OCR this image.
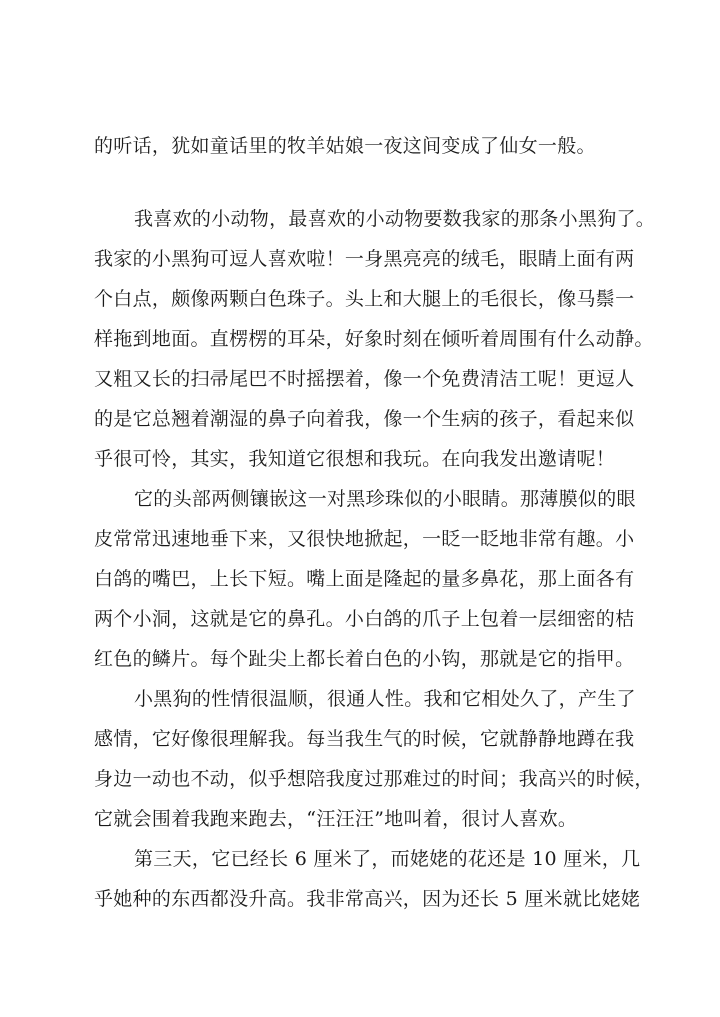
的听话，犹如童话里的牧羊姑娘一夜这间变成了仙女一般。
我喜欢的小动物，最喜欢的小动物要数我家的那条小黑狗了。
我家的小黑狗可逗人喜欢啦！一身黑亮亮的绒毛，眼睛上面有两
个白点，颇像两颗白色珠子。头上和大腿上的毛很长，像马鬃一
样拖到地面。直楞楞的耳朵，好象时刻在倾听着周围有什么动静。
又粗又长的扫帚尾巴不时摇摆着，像一个免费清洁工呢！更逗人
的是它总翘着潮湿的鼻子向着我，像一个生病的孩子，看起来似
乎很可怜，其实，我知道它很想和我玩。在向我发出邀请呢！
它的头部两侧镶嵌这一对黑珍珠似的小眼睛。那薄膜似的眼
皮常常迅速地垂下来，又很快地掀起，一眨一眨地非常有趣。小
白鸽的嘴巴，上长下短。嘴上面是隆起的量多鼻花，那上面各有
两个小洞，这就是它的鼻孔。小白鸽的爪子上包着一层细密的桔
红色的鳞片。每个趾尖上都长着白色的小钩，那就是它的指甲。
小黑狗的性情很温顺，很通人性。我和它相处久了，产生了
感情，它好像很理解我。每当我生气的时候，它就静静地蹲在我
身边一动也不动，似乎想陪我度过那难过的时间；我高兴的时候，
它就会围着我跑来跑去，“汪汪汪”地叫着，很讨人喜欢。
第三天，它已经长 6 厘米了，而姥姥的花还是 10 厘米，几
乎她种的东西都没升高。我非常高兴，因为还长 5 厘米就比姥姥
